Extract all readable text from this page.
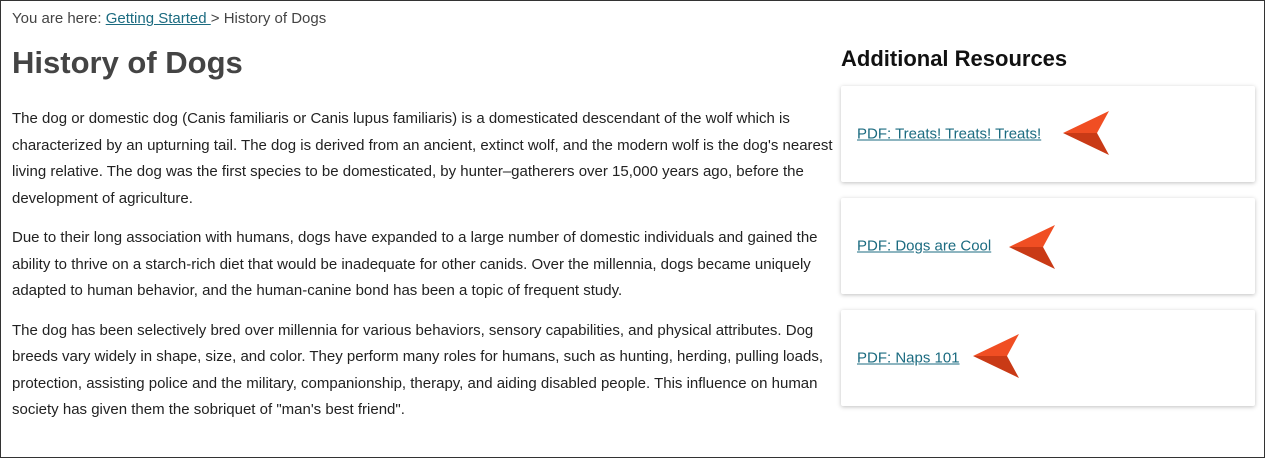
You are here: Getting Started > History of Dogs
History of Dogs

The dog or domestic dog (Canis familiaris or Canis lupus familiaris) is a domesticated descendant of the wolf which is characterized by an upturning tail. The dog is derived from an ancient, extinct wolf, and the modern wolf is the dog's nearest living relative. The dog was the first species to be domesticated, by hunter–gatherers over 15,000 years ago, before the development of agriculture.

Due to their long association with humans, dogs have expanded to a large number of domestic individuals and gained the ability to thrive on a starch-rich diet that would be inadequate for other canids. Over the millennia, dogs became uniquely adapted to human behavior, and the human-canine bond has been a topic of frequent study.

The dog has been selectively bred over millennia for various behaviors, sensory capabilities, and physical attributes. Dog breeds vary widely in shape, size, and color. They perform many roles for humans, such as hunting, herding, pulling loads, protection, assisting police and the military, companionship, therapy, and aiding disabled people. This influence on human society has given them the sobriquet of "man's best friend".

Additional Resources
PDF: Treats! Treats! Treats!
PDF: Dogs are Cool
PDF: Naps 101
